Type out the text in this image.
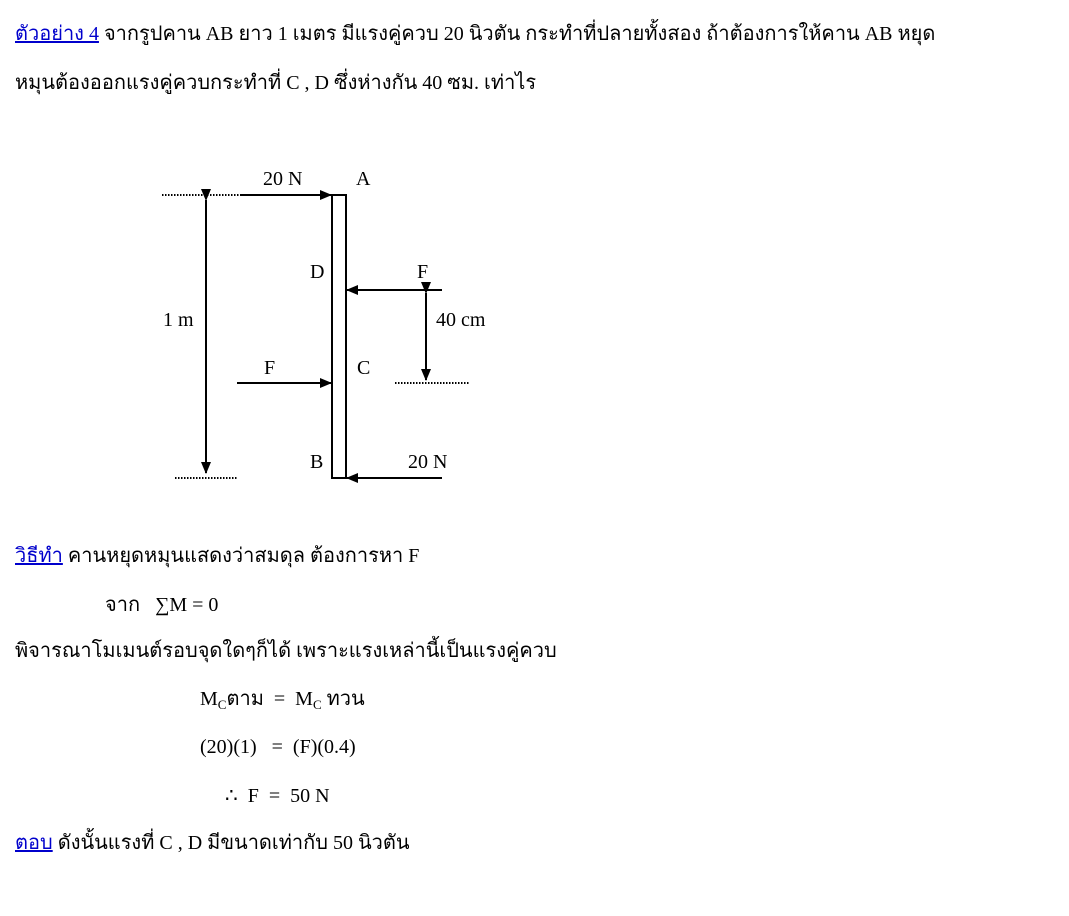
ตัวอย่าง 4 จากรูปคาน AB ยาว 1 เมตร มีแรงคู่ควบ 20 นิวตัน กระทำที่ปลายทั้งสอง ถ้าต้องการให้คาน AB หยุด
หมุนต้องออกแรงคู่ควบกระทำที่ C , D ซึ่งห่างกัน 40 ซม. เท่าไร
20 N	A
D	F
1 m	40 cm
F	C
B	20 N
วิธีทำ คานหยุดหมุนแสดงว่าสมดุล ต้องการหา F
จาก ∑M = 0
พิจารณาโมเมนต์รอบจุดใดๆก็ได้ เพราะแรงเหล่านี้เป็นแรงคู่ควบ
$M_C$ตาม  =  $M_C$ ทวน
(20)(1)   =  (F)(0.4)
∴  F  =  50 N
ตอบ ดังนั้นแรงที่ C , D มีขนาดเท่ากับ 50 นิวตัน
